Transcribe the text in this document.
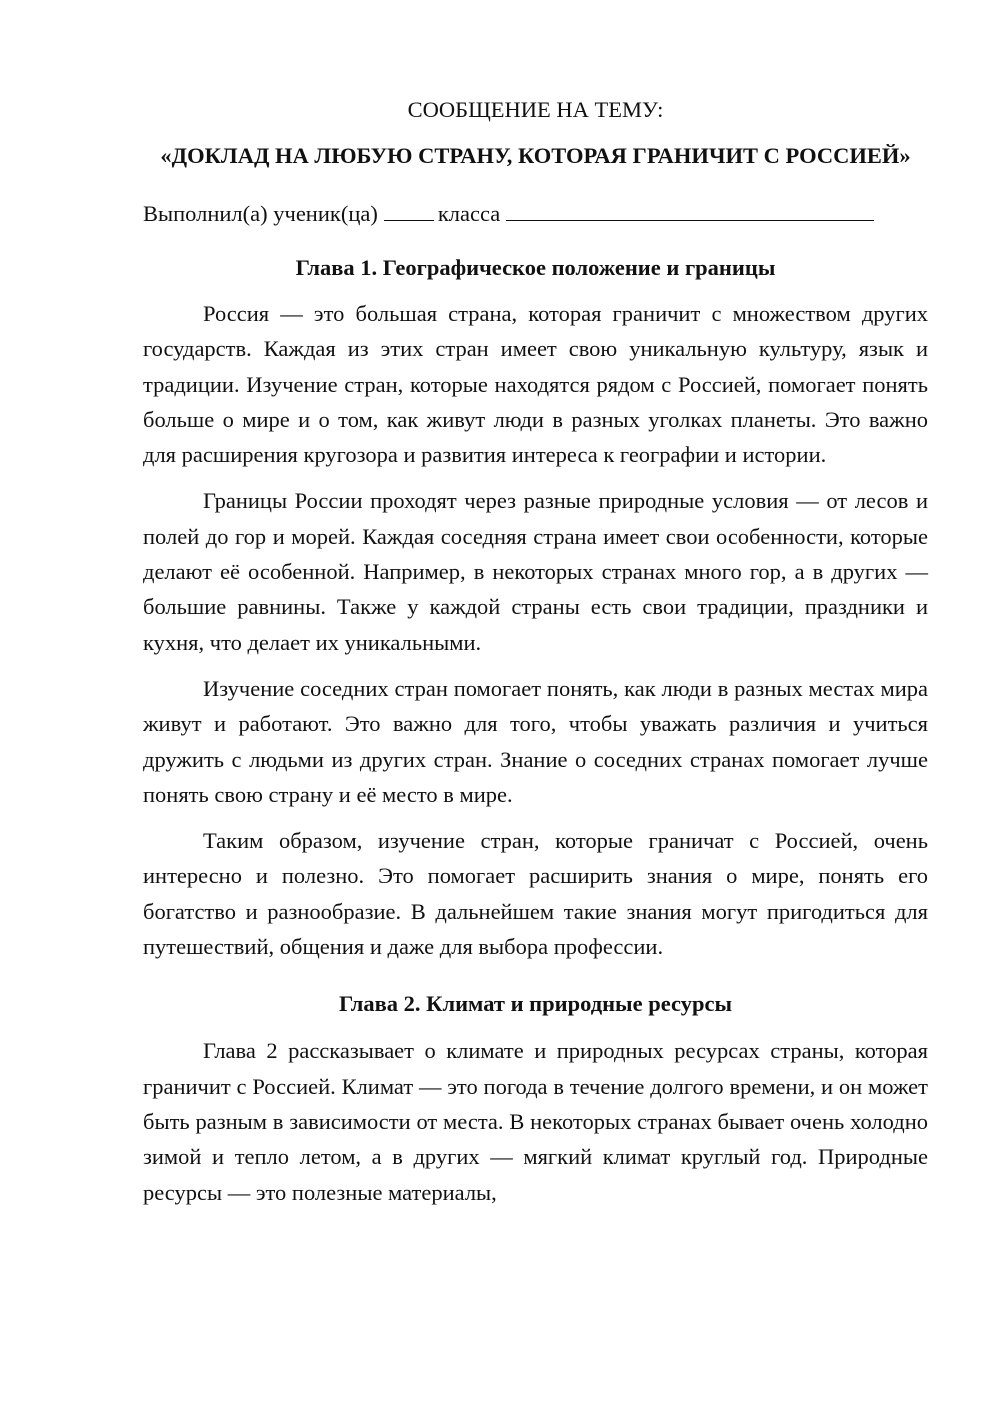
СООБЩЕНИЕ НА ТЕМУ:

«ДОКЛАД НА ЛЮБУЮ СТРАНУ, КОТОРАЯ ГРАНИЧИТ С РОССИЕЙ»

Выполнил(а) ученик(ца)	класса

Глава 1. Географическое положение и границы

Россия — это большая страна, которая граничит с множеством других государств. Каждая из этих стран имеет свою уникальную культуру, язык и традиции. Изучение стран, которые находятся рядом с Россией, помогает понять больше о мире и о том, как живут люди в разных уголках планеты. Это важно для расширения кругозора и развития интереса к географии и истории.

Границы России проходят через разные природные условия — от лесов и полей до гор и морей. Каждая соседняя страна имеет свои особенности, которые делают её особенной. Например, в некоторых странах много гор, а в других — большие равнины. Также у каждой страны есть свои традиции, праздники и кухня, что делает их уникальными.

Изучение соседних стран помогает понять, как люди в разных местах мира живут и работают. Это важно для того, чтобы уважать различия и учиться дружить с людьми из других стран. Знание о соседних странах помогает лучше понять свою страну и её место в мире.

Таким образом, изучение стран, которые граничат с Россией, очень интересно и полезно. Это помогает расширить знания о мире, понять его богатство и разнообразие. В дальнейшем такие знания могут пригодиться для путешествий, общения и даже для выбора профессии.

Глава 2. Климат и природные ресурсы

Глава 2 рассказывает о климате и природных ресурсах страны, которая граничит с Россией. Климат — это погода в течение долгого времени, и он может быть разным в зависимости от места. В некоторых странах бывает очень холодно зимой и тепло летом, а в других — мягкий климат круглый год. Природные ресурсы — это полезные материалы,
